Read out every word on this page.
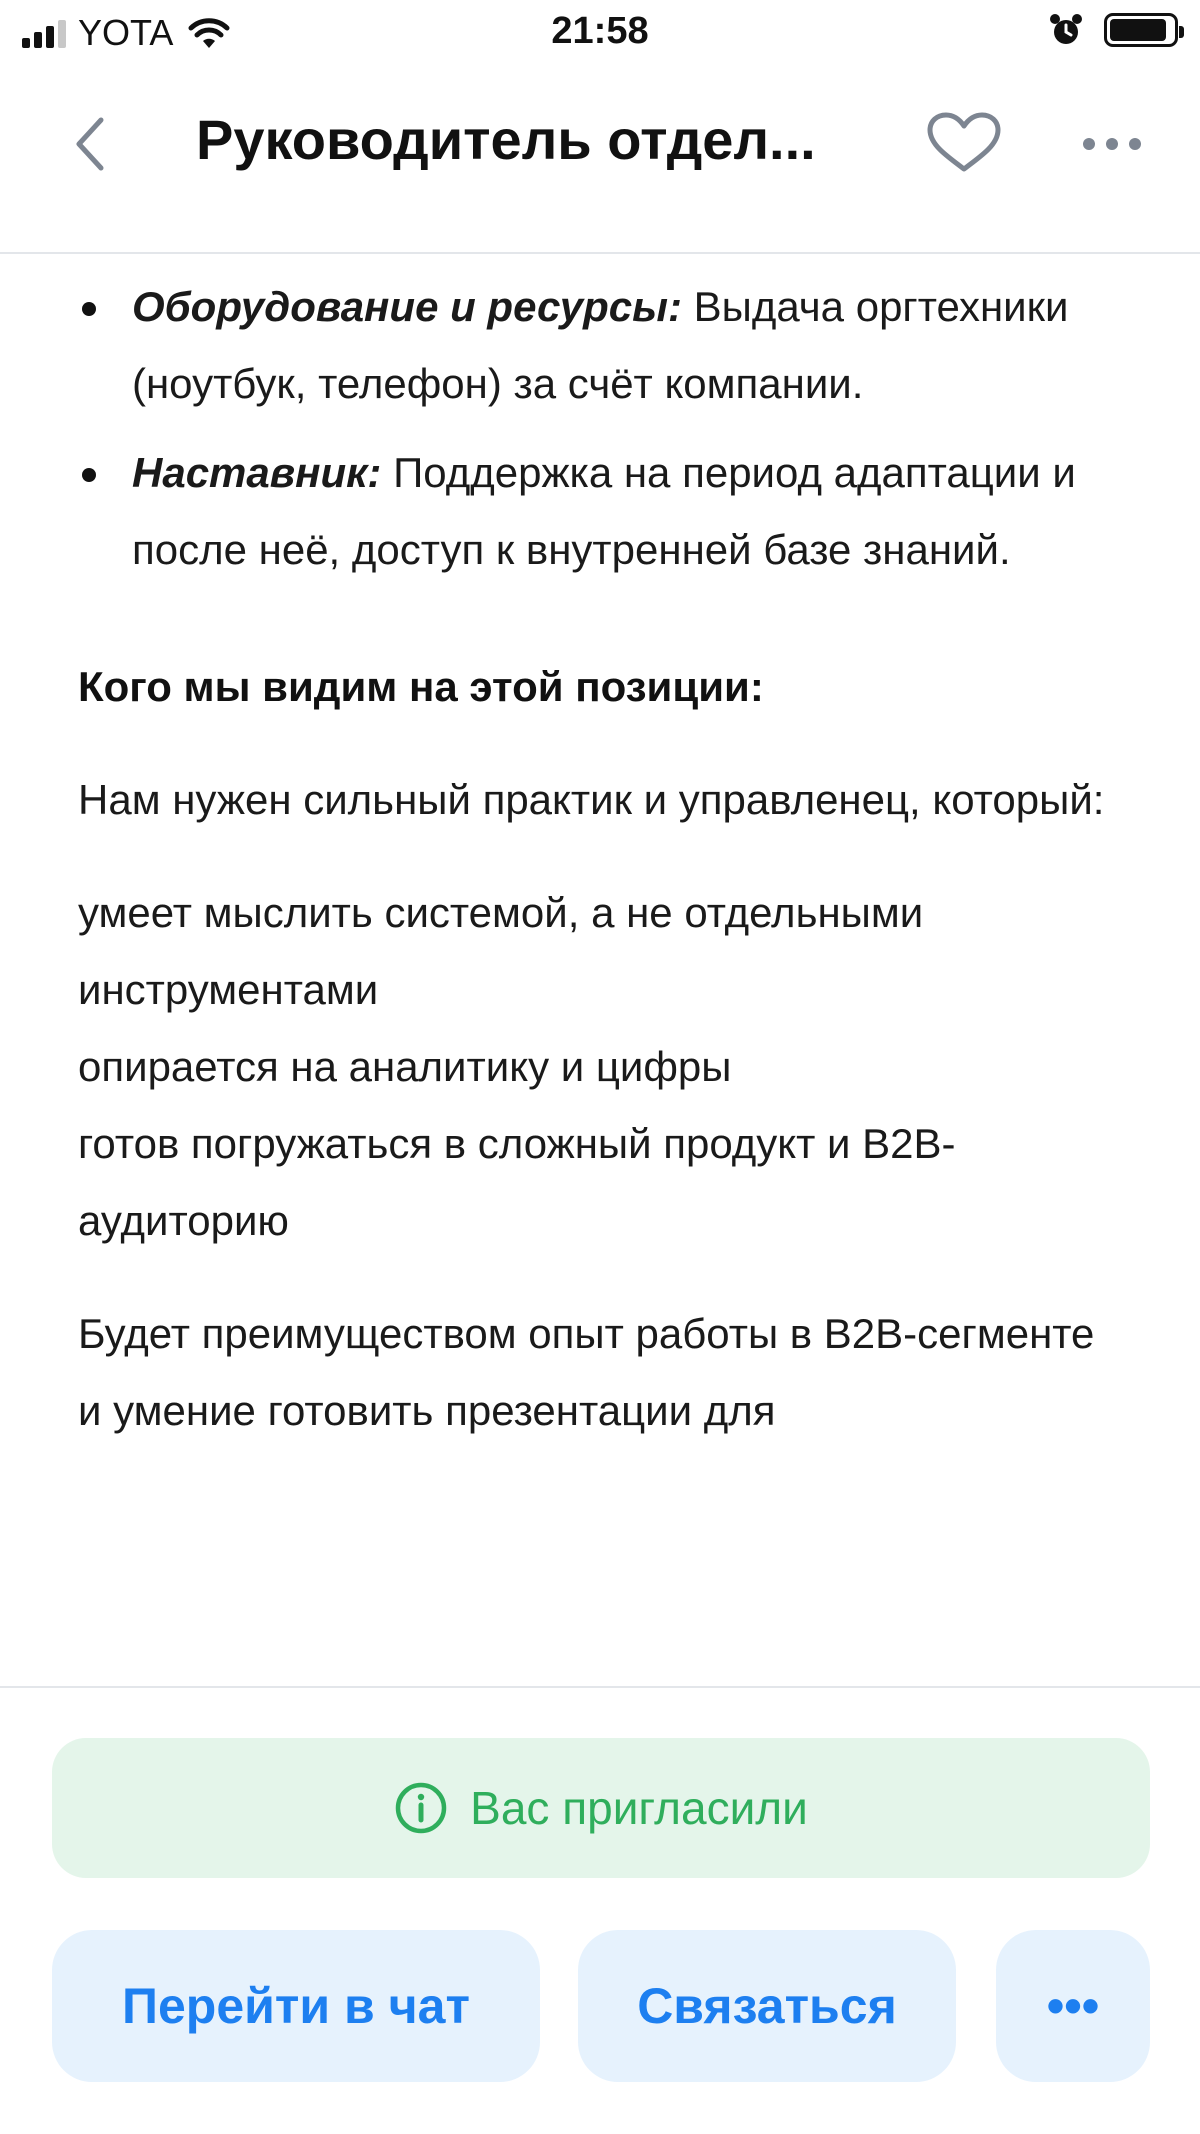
YOTA	21:58
Руководитель отдел...
Оборудование и ресурсы: Выдача оргтехники (ноутбук, телефон) за счёт компании.
Наставник: Поддержка на период адаптации и после неё, доступ к внутренней базе знаний.
Кого мы видим на этой позиции:
Нам нужен сильный практик и управленец, который:
умеет мыслить системой, а не отдельными инструментами
опирается на аналитику и цифры
готов погружаться в сложный продукт и B2B-аудиторию
Будет преимуществом опыт работы в B2B-сегменте и умение готовить презентации для
Вас пригласили
Перейти в чат	Связаться	•••
